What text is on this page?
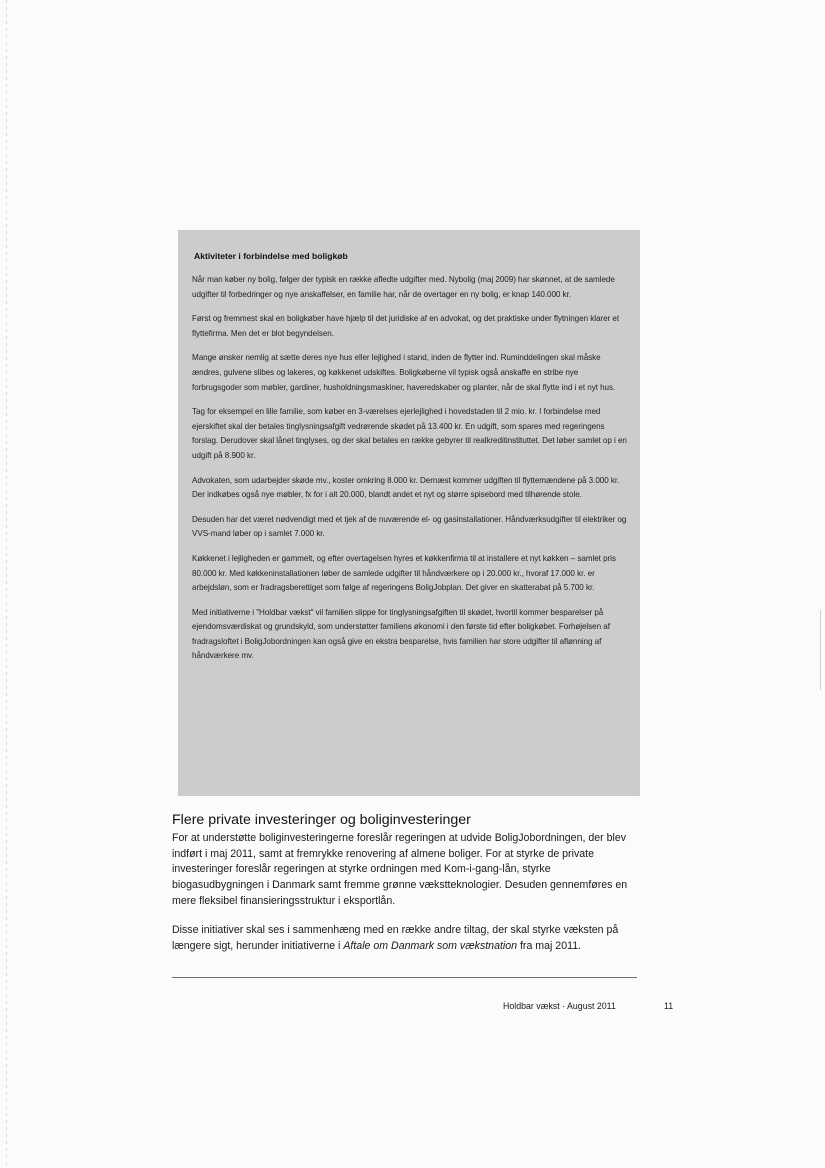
Aktiviteter i forbindelse med boligkøb

Når man køber ny bolig, følger der typisk en række afledte udgifter med. Nybolig (maj 2009) har skønnet, at de samlede udgifter til forbedringer og nye anskaffelser, en familie har, når de overtager en ny bolig, er knap 140.000 kr.

Først og fremmest skal en boligkøber have hjælp til det juridiske af en advokat, og det praktiske under flytningen klarer et flyttefirma. Men det er blot begyndelsen.

Mange ønsker nemlig at sætte deres nye hus eller lejlighed i stand, inden de flytter ind. Ruminddelingen skal måske ændres, gulvene slibes og lakeres, og køkkenet udskiftes. Boligkøberne vil typisk også anskaffe en stribe nye forbrugsgoder som møbler, gardiner, husholdningsmaskiner, haveredskaber og planter, når de skal flytte ind i et nyt hus.

Tag for eksempel en lille familie, som køber en 3-værelses ejerlejlighed i hovedstaden til 2 mio. kr. I forbindelse med ejerskiftet skal der betales tinglysningsafgift vedrørende skødet på 13.400 kr. En udgift, som spares med regeringens forslag. Derudover skal lånet tinglyses, og der skal betales en række gebyrer til realkreditinstituttet. Det løber samlet op i en udgift på 8.900 kr.

Advokaten, som udarbejder skøde mv., koster omkring 8.000 kr. Dernæst kommer udgiften til flyttemændene på 3.000 kr. Der indkøbes også nye møbler, fx for i alt 20.000, blandt andet et nyt og større spisebord med tilhørende stole.

Desuden har det været nødvendigt med et tjek af de nuværende el- og gasinstallationer. Håndværksudgifter til elektriker og VVS-mand løber op i samlet 7.000 kr.

Køkkenet i lejligheden er gammelt, og efter overtagelsen hyres et køkkenfirma til at installere et nyt køkken – samlet pris 80.000 kr. Med køkkeninstallationen løber de samlede udgifter til håndværkere op i 20.000 kr., hvoraf 17.000 kr. er arbejdsløn, som er fradragsberettiget som følge af regeringens BoligJobplan. Det giver en skatterabat på 5.700 kr.

Med initiativerne i "Holdbar vækst" vil familien slippe for tinglysningsafgiften til skødet, hvortil kommer besparelser på ejendomsværdiskat og grundskyld, som understøtter familiens økonomi i den første tid efter boligkøbet. Forhøjelsen af fradragsloftet i BoligJobordningen kan også give en ekstra besparelse, hvis familien har store udgifter til aflønning af håndværkere mv.

Flere private investeringer og boliginvesteringer

For at understøtte boliginvesteringerne foreslår regeringen at udvide BoligJobordningen, der blev indført i maj 2011, samt at fremrykke renovering af almene boliger. For at styrke de private investeringer foreslår regeringen at styrke ordningen med Kom-i-gang-lån, styrke biogasudbygningen i Danmark samt fremme grønne vækstteknologier. Desuden gennemføres en mere fleksibel finansieringsstruktur i eksportlån.

Disse initiativer skal ses i sammenhæng med en række andre tiltag, der skal styrke væksten på længere sigt, herunder initiativerne i Aftale om Danmark som vækstnation fra maj 2011.

Holdbar vækst · August 2011	11
